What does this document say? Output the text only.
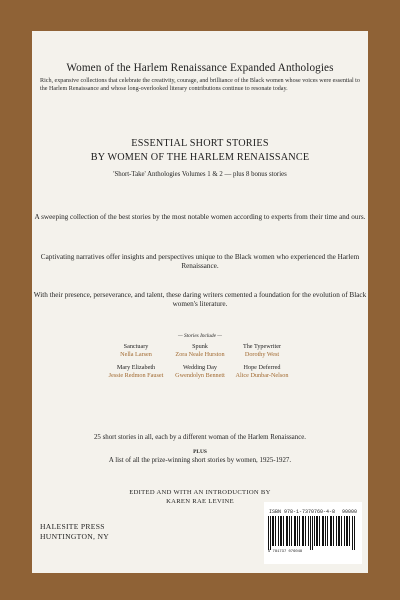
Women of the Harlem Renaissance Expanded Anthologies
Rich, expansive collections that celebrate the creativity, courage, and brilliance of the Black women whose voices were essential to the Harlem Renaissance and whose long-overlooked literary contributions continue to resonate today.
ESSENTIAL SHORT STORIES
BY WOMEN OF THE HARLEM RENAISSANCE
'Short-Take' Anthologies Volumes 1 & 2 — plus 8 bonus stories
A sweeping collection of the best stories by the most notable women according to experts from their time and ours.
Captivating narratives offer insights and perspectives unique to the Black women who experienced the Harlem Renaissance.
With their presence, perseverance, and talent, these daring writers cemented a foundation for the evolution of Black women's literature.
— Stories Include —
Sanctuary
Nella Larsen
Spunk
Zora Neale Hurston
The Typewriter
Dorothy West
Mary Elizabeth
Jessie Redmon Fauset
Wedding Day
Gwendolyn Bennett
Hope Deferred
Alice Dunbar-Nelson
25 short stories in all, each by a different woman of the Harlem Renaissance.
PLUS
A list of all the prize-winning short stories by women, 1925-1927.
EDITED AND WITH AN INTRODUCTION BY
KAREN RAE LEVINE
HALESITE PRESS
HUNTINGTON, NY
ISBN 978-1-7370760-4-8 90000
9 781737 076048
